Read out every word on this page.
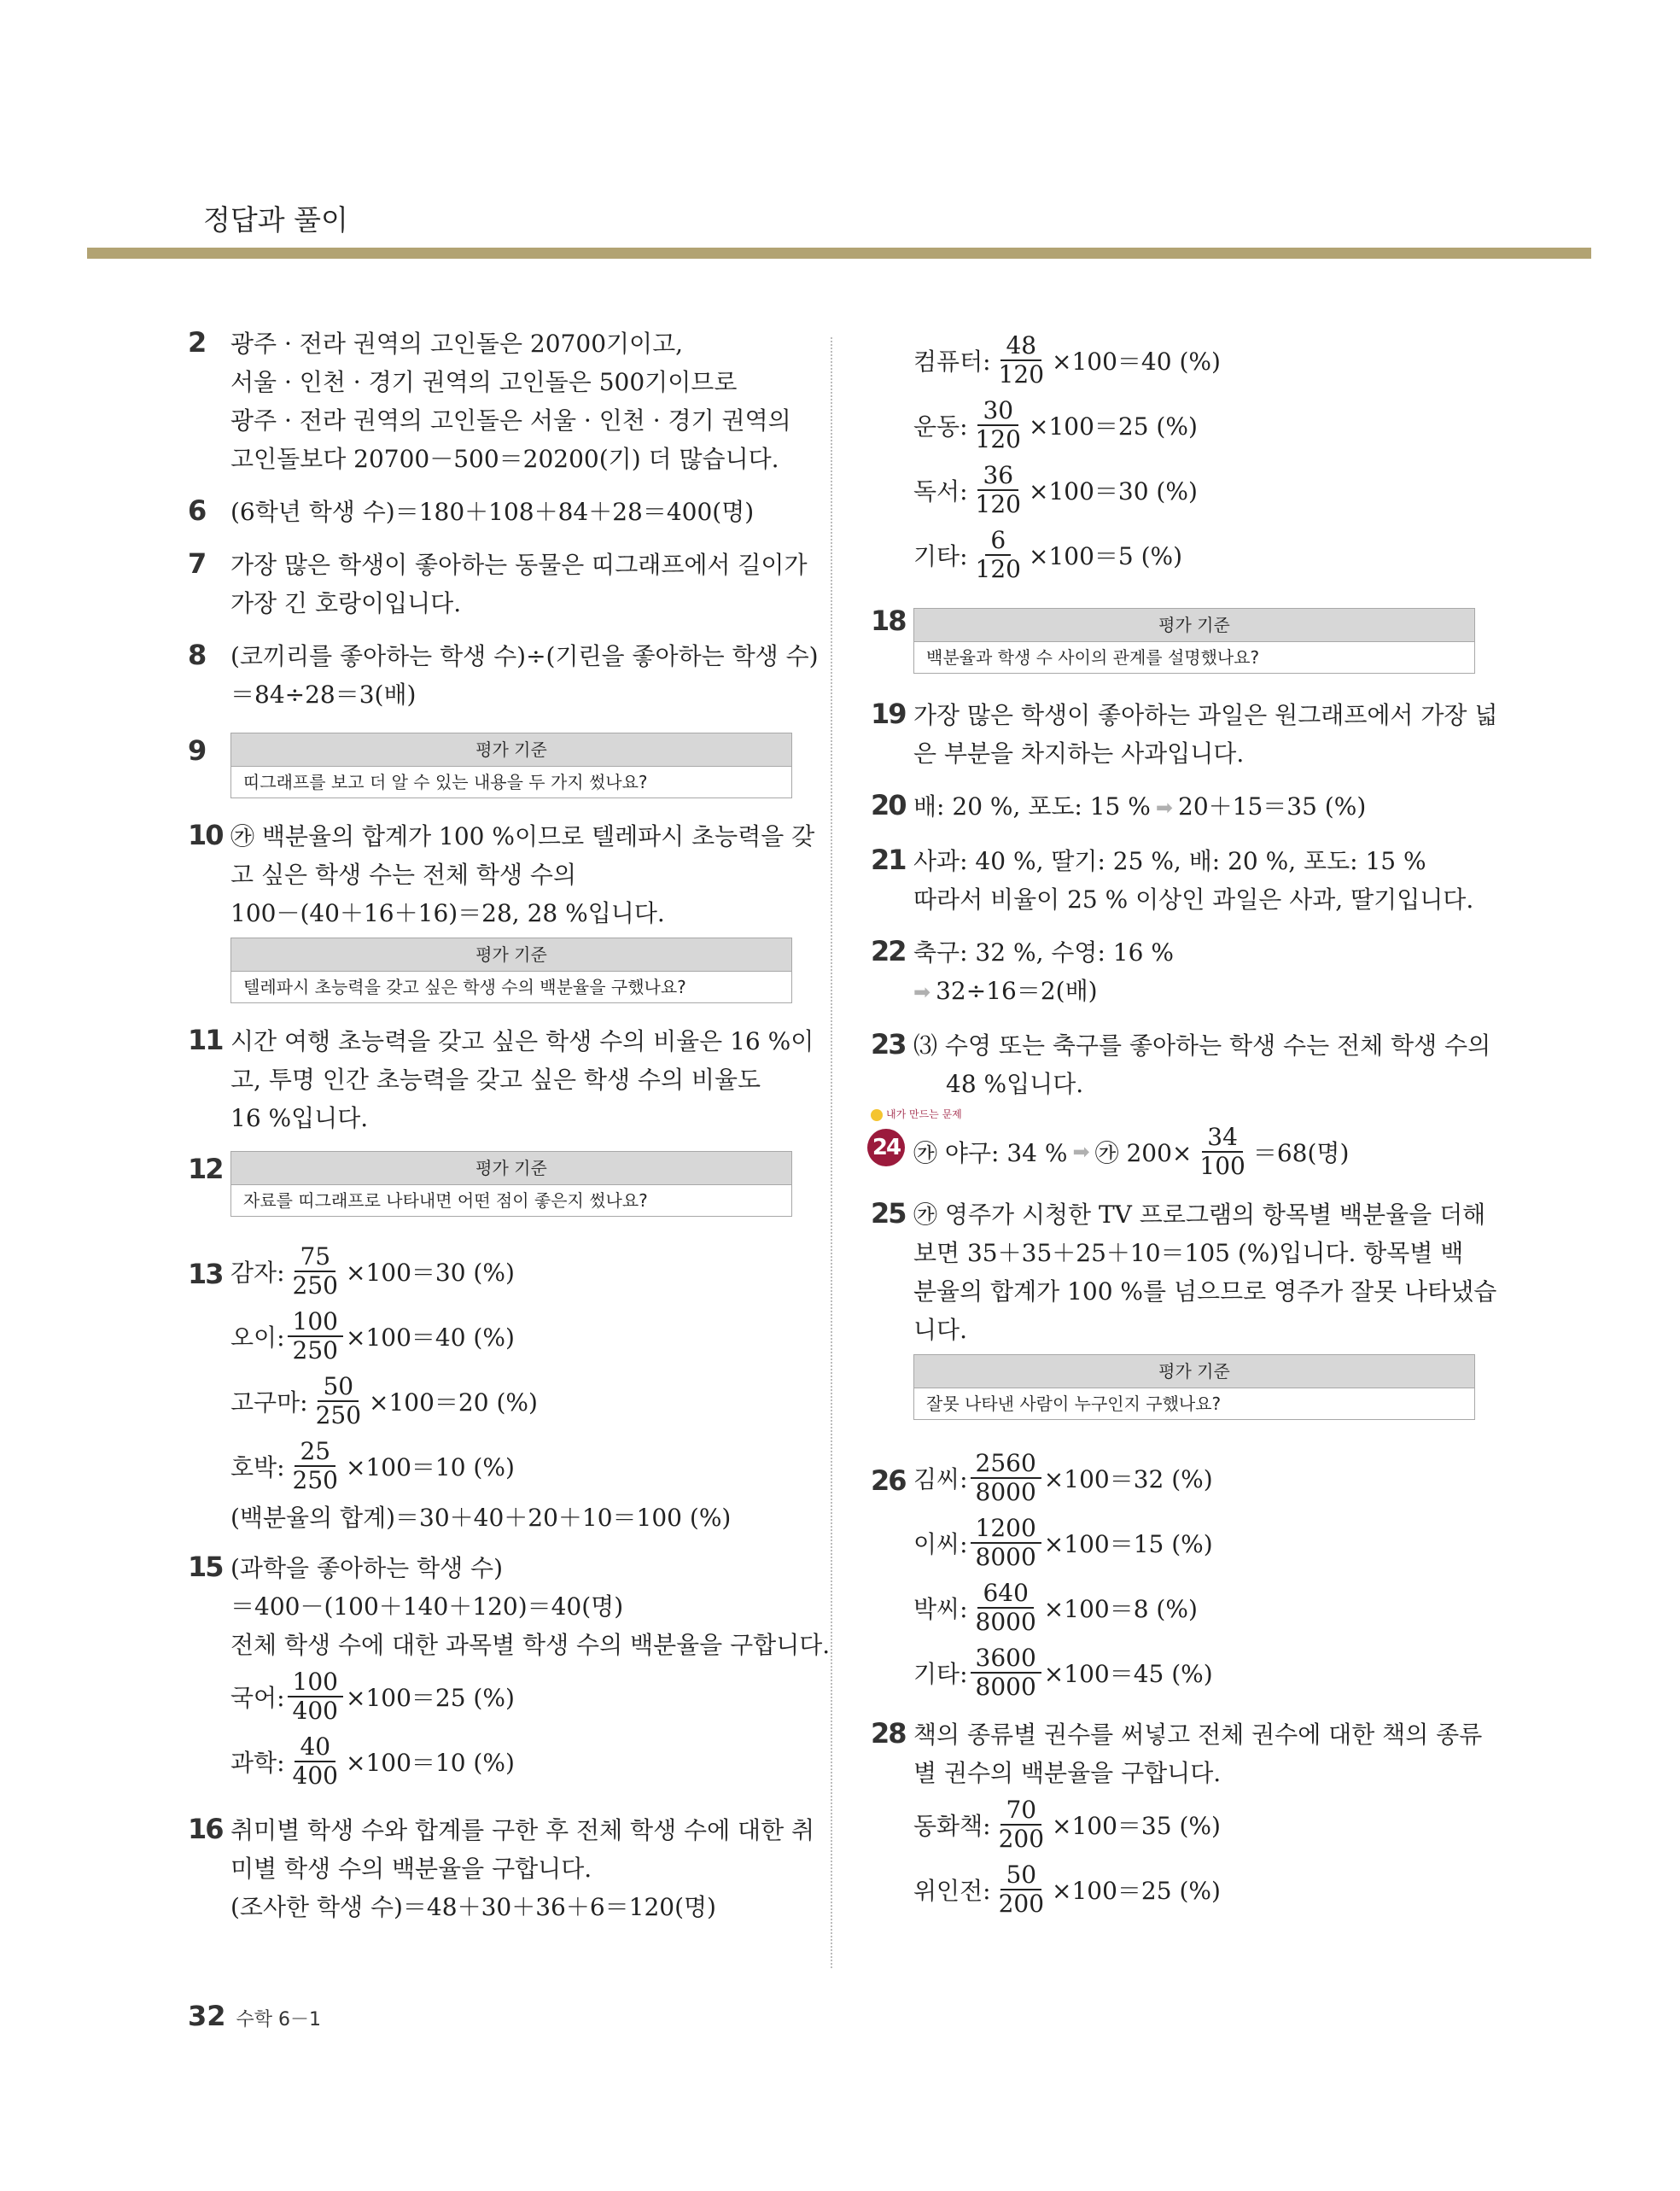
정답과 풀이
2 광주 · 전라 권역의 고인돌은 20700기이고,
서울 · 인천 · 경기 권역의 고인돌은 500기이므로
광주 · 전라 권역의 고인돌은 서울 · 인천 · 경기 권역의
고인돌보다 20700－500＝20200(기) 더 많습니다.
6 (6학년 학생 수)＝180＋108＋84＋28＝400(명)
7 가장 많은 학생이 좋아하는 동물은 띠그래프에서 길이가
가장 긴 호랑이입니다.
8 (코끼리를 좋아하는 학생 수)÷(기린을 좋아하는 학생 수)
＝84÷28＝3(배)
9	평가 기준
띠그래프를 보고 더 알 수 있는 내용을 두 가지 썼나요?
10 ㉮ 백분율의 합계가 100 %이므로 텔레파시 초능력을 갖
고 싶은 학생 수는 전체 학생 수의
100－(40＋16＋16)＝28, 28 %입니다.
평가 기준
텔레파시 초능력을 갖고 싶은 학생 수의 백분율을 구했나요?
11 시간 여행 초능력을 갖고 싶은 학생 수의 비율은 16 %이
고, 투명 인간 초능력을 갖고 싶은 학생 수의 비율도
16 %입니다.
12	평가 기준
자료를 띠그래프로 나타내면 어떤 점이 좋은지 썼나요?
13 감자: $\frac{75}{250} \times 100=30$ (%)
오이: $\frac{100}{250} \times 100=40$ (%)
고구마: $\frac{50}{250} \times 100=20$ (%)
호박: $\frac{25}{250} \times 100=10$ (%)
(백분율의 합계)＝30＋40＋20＋10＝100 (%)
15 (과학을 좋아하는 학생 수)
＝400－(100＋140＋120)＝40(명)
전체 학생 수에 대한 과목별 학생 수의 백분율을 구합니다.
국어: $\frac{100}{400} \times 100=25$ (%)
과학: $\frac{40}{400} \times 100=10$ (%)
16 취미별 학생 수와 합계를 구한 후 전체 학생 수에 대한 취
미별 학생 수의 백분율을 구합니다.
(조사한 학생 수)＝48＋30＋36＋6＝120(명)
컴퓨터: $\frac{48}{120} \times 100=40$ (%)
운동: $\frac{30}{120} \times 100=25$ (%)
독서: $\frac{36}{120} \times 100=30$ (%)
기타: $\frac{6}{120} \times 100=5$ (%)
18	평가 기준
백분율과 학생 수 사이의 관계를 설명했나요?
19 가장 많은 학생이 좋아하는 과일은 원그래프에서 가장 넓
은 부분을 차지하는 사과입니다.
20 배: 20 %, 포도: 15 % ➡ 20＋15＝35 (%)
21 사과: 40 %, 딸기: 25 %, 배: 20 %, 포도: 15 %
따라서 비율이 25 % 이상인 과일은 사과, 딸기입니다.
22 축구: 32 %, 수영: 16 %
➡ 32÷16＝2(배)
23 ⑶ 수영 또는 축구를 좋아하는 학생 수는 전체 학생 수의
48 %입니다.
내가 만드는 문제
24 ㉮ 야구: 34 % ➡ ㉮ $200\times \frac{34}{100} =68$(명)
25 ㉮ 영주가 시청한 TV 프로그램의 항목별 백분율을 더해
보면 35＋35＋25＋10＝105 (%)입니다. 항목별 백
분율의 합계가 100 %를 넘으므로 영주가 잘못 나타냈습
니다.
평가 기준
잘못 나타낸 사람이 누구인지 구했나요?
26 김씨: $\frac{2560}{8000} \times 100=32$ (%)
이씨: $\frac{1200}{8000} \times 100=15$ (%)
박씨: $\frac{640}{8000} \times 100=8$ (%)
기타: $\frac{3600}{8000} \times 100=45$ (%)
28 책의 종류별 권수를 써넣고 전체 권수에 대한 책의 종류
별 권수의 백분율을 구합니다.
동화책: $\frac{70}{200} \times 100=35$ (%)
위인전: $\frac{50}{200} \times 100=25$ (%)
32 수학 6－1
